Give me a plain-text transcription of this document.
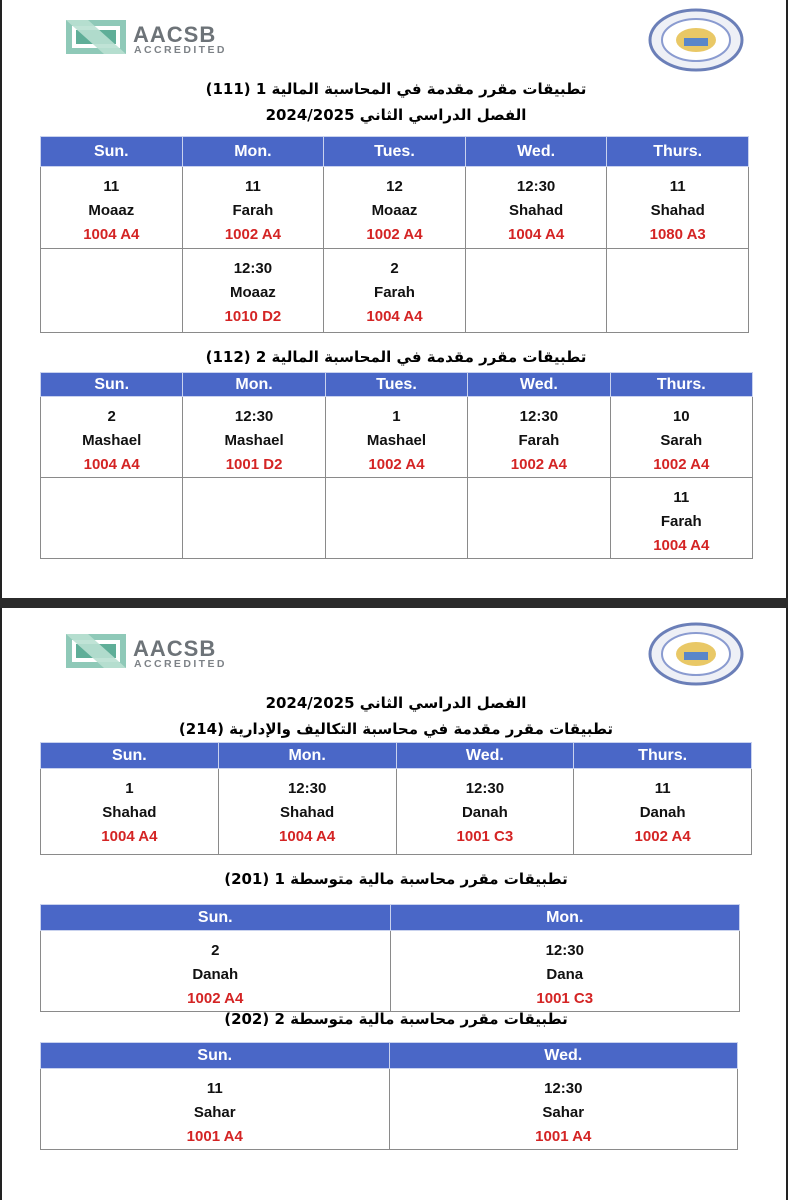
AACSB
ACCREDITED
تطبيقات مقرر مقدمة في المحاسبة المالية 1 (111)
الفصل الدراسي الثاني 2024/2025
Sun.	Mon.	Tues.	Wed.	Thurs.

11
Moaaz
1004 A4	11
Farah
1002 A4	12
Moaaz
1002 A4	12:30
Shahad
1004 A4	11
Shahad
1080 A3

	12:30
Moaaz
1010 D2	2
Farah
1004 A4		

تطبيقات مقرر مقدمة في المحاسبة المالية 2 (112)
Sun.	Mon.	Tues.	Wed.	Thurs.

2
Mashael
1004 A4	12:30
Mashael
1001 D2	1
Mashael
1002 A4	12:30
Farah
1002 A4	10
Sarah
1002 A4

				11
Farah
1004 A4
AACSB
ACCREDITED
الفصل الدراسي الثاني 2024/2025
تطبيقات مقرر مقدمة في محاسبة التكاليف والإدارية (214)
Sun.	Mon.	Wed.	Thurs.

1
Shahad
1004 A4	12:30
Shahad
1004 A4	12:30
Danah
1001 C3	11
Danah
1002 A4
تطبيقات مقرر محاسبة مالية متوسطة 1 (201)
Sun.	Mon.

2
Danah
1002 A4	12:30
Dana
1001 C3
تطبيقات مقرر محاسبة مالية متوسطة 2 (202)
Sun.	Wed.

11
Sahar
1001 A4	12:30
Sahar
1001 A4
